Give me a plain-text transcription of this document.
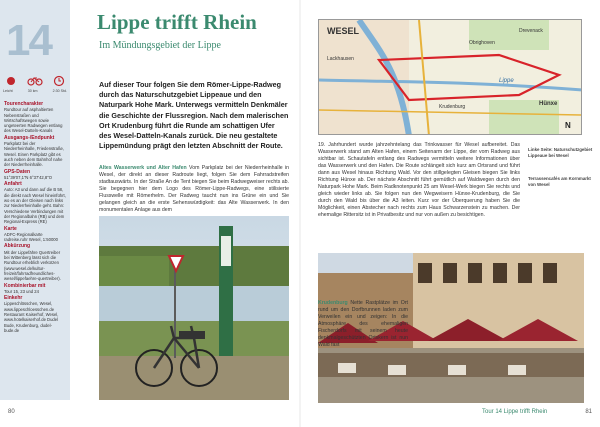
14
Leicht	30 km	2:30 Std.
Tourencharakter

Rundtour auf asphaltierten Nebenstraßen und Wirtschaftswegen sowie ungeteerten Radwegen entlang des Wesel-Datteln-Kanals

Ausgangs-/Endpunkt

Parkplatz bei der Niederrheinhalle, Friedenstraße, Wesel. Einen Parkplatz gibt es auch neben dem Bahnhof nahe der Niederrheinhalle.

GPS-Daten

51°39'07,1"N 6°37'42,8"O

Anfahrt

Auto: A3 und dann auf die B 58, die direkt nach Wesel hineinführt, wo es an der Gleisen nach links zur Niederrheinhalle geht. Bahn: Verschiedene Verbindungen mit der Regionalbahn (RB) und dem Regional-Express (RE)

Karte

ADFC-Regionalkarte radreise.ruhr Wesel, 1:50000

Abkürzung

Mit der Lippefähre Quertreiber bei Wittenberg lässt sich die Rundtour erheblich verkürzen (www.wesel.de/kultur-freizeit/fahrradfreundliches-wesel/lippefaehre-quertreiber).

Kombinierbar mit

Tour 15, 23 und 24

Einkehr

Lippeschlösschen, Wesel, www.lippeschloesschen.de Restaurant Kaiserhof, Wesel, www.hotelkaiserhof.de Dudel Bude, Krudenburg, dudel-bude.de

Lippe trifft Rhein
Im Mündungsgebiet der Lippe
Auf dieser Tour folgen Sie dem Römer-Lippe-Radweg durch das Naturschutzgebiet Lippeaue und den Naturpark Hohe Mark. Unterwegs vermitteln Denkmäler die Geschichte der Flussregion. Nach dem malerischen Ort Krudenburg führt die Runde am schattigen Ufer des Wesel-Datteln-Kanals zurück. Die neu gestaltete Lippemündung prägt den letzten Abschnitt der Route.
Altes Wasserwerk und Alter Hafen Vom Parkplatz bei der Niederrheinhalle in Wesel, der direkt an dieser Radroute liegt, folgen Sie dem Fahrradstreifen stadtauswärts. In der Straße An de Tent biegen Sie beim Radwegweiser rechts ab. Sie begegnen hier dem Logo des Römer-Lippe-Radwegs, eine stilisierte Flusswelle mit Römerhelm. Der Radweg taucht nun ins Grüne ein und Sie gelangen gleich an die erste Sehenswürdigkeit: das Alte Wasserwerk. In den monumentalen Anlage aus dem
WESEL
Obrighoven
Lackhausen
Drevenack
Hünxe
Krudenburg
Lippe
N
19. Jahrhundert wurde jahrzehntelang das Trinkwasser für Wesel aufbereitet. Das Wasserwerk stand am Alten Hafen, einem Seitenarm der Lippe, der vom Radweg aus sichtbar ist. Schautafeln entlang des Radwegs vermitteln weitere Informationen über das Wasserwerk und den Hafen. Die Route schlängelt sich kurz am Ortsrand und führt dann aus Wesel hinaus Richtung Wald. Vor den stillgelegten Gleisen biegen Sie links Richtung Hünxe ab. Der nächste Abschnitt führt gemütlich auf Waldwegen durch den Naturpark Hohe Mark. Beim Radknotenpunkt 25 am Wesel-Werk biegen Sie rechts und gleich wieder links ab. Sie folgen nun den Wegweisern Hünxe-Krudenburg, die Sie durch den Wald bis über die A3 leiten. Kurz vor der Überquerung haben Sie die Möglichkeit, einen Abstecher nach rechts zum Haus Schwarzenstein zu machen. Der ehemalige Rittersitz ist in Privatbesitz und nur von außen zu besichtigen.
Linke Seite: Naturschutzgebiet Lippeaue bei Wesel
Terrassencafés am Kornmarkt von Wesel
Krudenburg Nette Rastplätze im Ort rund um den Dorfbrunnen laden zum Verweilen ein und zeigen: In die Atmosphäre des ehemaligen Fischerdorfs mit seinem heute denkmalgeschützten Ortskern ist nun Wald fast
80	Tour 14 Lippe trifft Rhein	81
